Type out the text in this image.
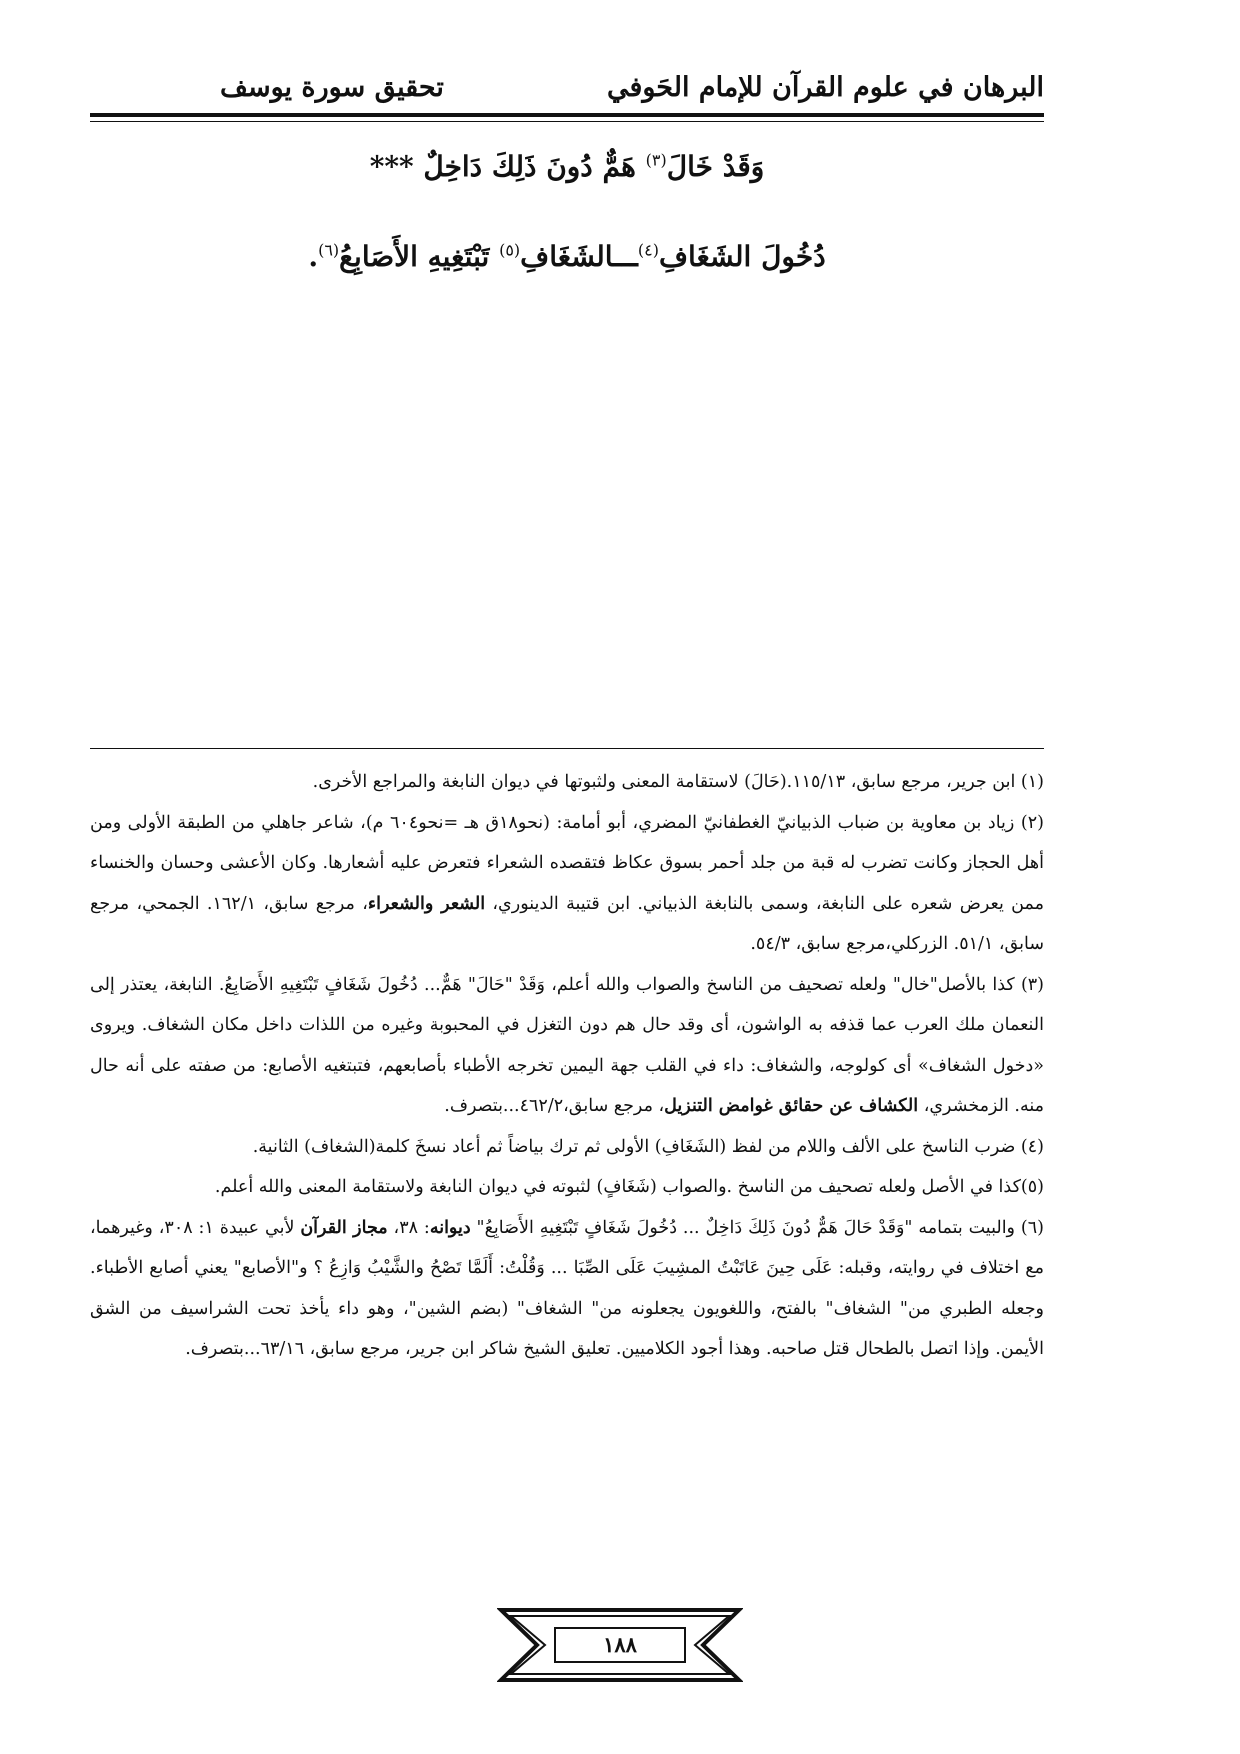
البرهان في علوم القرآن للإمام الحَوفي
تحقيق سورة يوسف
وَقَدْ خَالَ$^{(٣)}$ هَمٌّ دُونَ ذَلِكَ دَاخِلٌ ***
دُخُولَ الشَغَافِ$^{(٤)}$ـــالشَغَافِ$^{(٥)}$ تَبْتَغِيهِ الأَصَابِعُ$^{(٦)}$.

(١) ابن جرير، مرجع سابق، ١١٥/١٣.(حَالَ) لاستقامة المعنى ولثبوتها في ديوان النابغة والمراجع الأخرى.

(٢) زياد بن معاوية بن ضباب الذبيانيّ الغطفانيّ المضري، أبو أمامة: (نحو١٨ق هـ =نحو٦٠٤ م)، شاعر جاهلي من الطبقة الأولى ومن أهل الحجاز وكانت تضرب له قبة من جلد أحمر بسوق عكاظ فتقصده الشعراء فتعرض عليه أشعارها. وكان الأعشى وحسان والخنساء ممن يعرض شعره على النابغة، وسمى بالنابغة الذبياني. ابن قتيبة الدينوري، الشعر والشعراء، مرجع سابق، ١٦٢/١. الجمحي، مرجع سابق، ٥١/١. الزركلي،مرجع سابق، ٥٤/٣.

(٣) كذا بالأصل"خال" ولعله تصحيف من الناسخ والصواب والله أعلم، وَقَدْ "حَالَ" هَمٌّ... دُخُولَ شَغَافٍ تَبْتَغِيهِ الأَصَابِعُ. النابغة، يعتذر إلى النعمان ملك العرب عما قذفه به الواشون، أى وقد حال هم دون التغزل في المحبوبة وغيره من اللذات داخل مكان الشغاف. ويروى «دخول الشغاف» أى كولوجه، والشغاف: داء في القلب جهة اليمين تخرجه الأطباء بأصابعهم، فتبتغيه الأصابع: من صفته على أنه حال منه. الزمخشري، الكشاف عن حقائق غوامض التنزيل، مرجع سابق،٤٦٢/٢...بتصرف.

(٤) ضرب الناسخ على الألف واللام من لفظ (الشَغَافِ) الأولى ثم ترك بياضاً ثم أعاد نسخَ كلمة(الشغاف) الثانية.

(٥)كذا في الأصل ولعله تصحيف من الناسخ .والصواب (شَغَافٍ) لثبوته في ديوان النابغة ولاستقامة المعنى والله أعلم.

(٦) والبيت بتمامه "وَقَدْ حَالَ هَمٌّ دُونَ ذَلِكَ دَاخِلٌ ... دُخُولَ شَغَافٍ تَبْتَغِيهِ الأَصَابِعُ" ديوانه: ٣٨، مجاز القرآن لأبي عبيدة ١: ٣٠٨، وغيرهما، مع اختلاف في روايته، وقبله: عَلَى حِينَ عَاتَبْتُ المشِيبَ عَلَى الصِّبَا ... وَقُلْتُ: أَلَمَّا تَصْحُ والشَّيْبُ وَازِعُ ؟ و"الأصابع" يعني أصابع الأطباء. وجعله الطبري من" الشغاف" بالفتح، واللغويون يجعلونه من" الشغاف" (بضم الشين"، وهو داء يأخذ تحت الشراسيف من الشق الأيمن. وإذا اتصل بالطحال قتل صاحبه. وهذا أجود الكلاميين. تعليق الشيخ شاكر ابن جرير، مرجع سابق، ٦٣/١٦...بتصرف.

١٨٨
